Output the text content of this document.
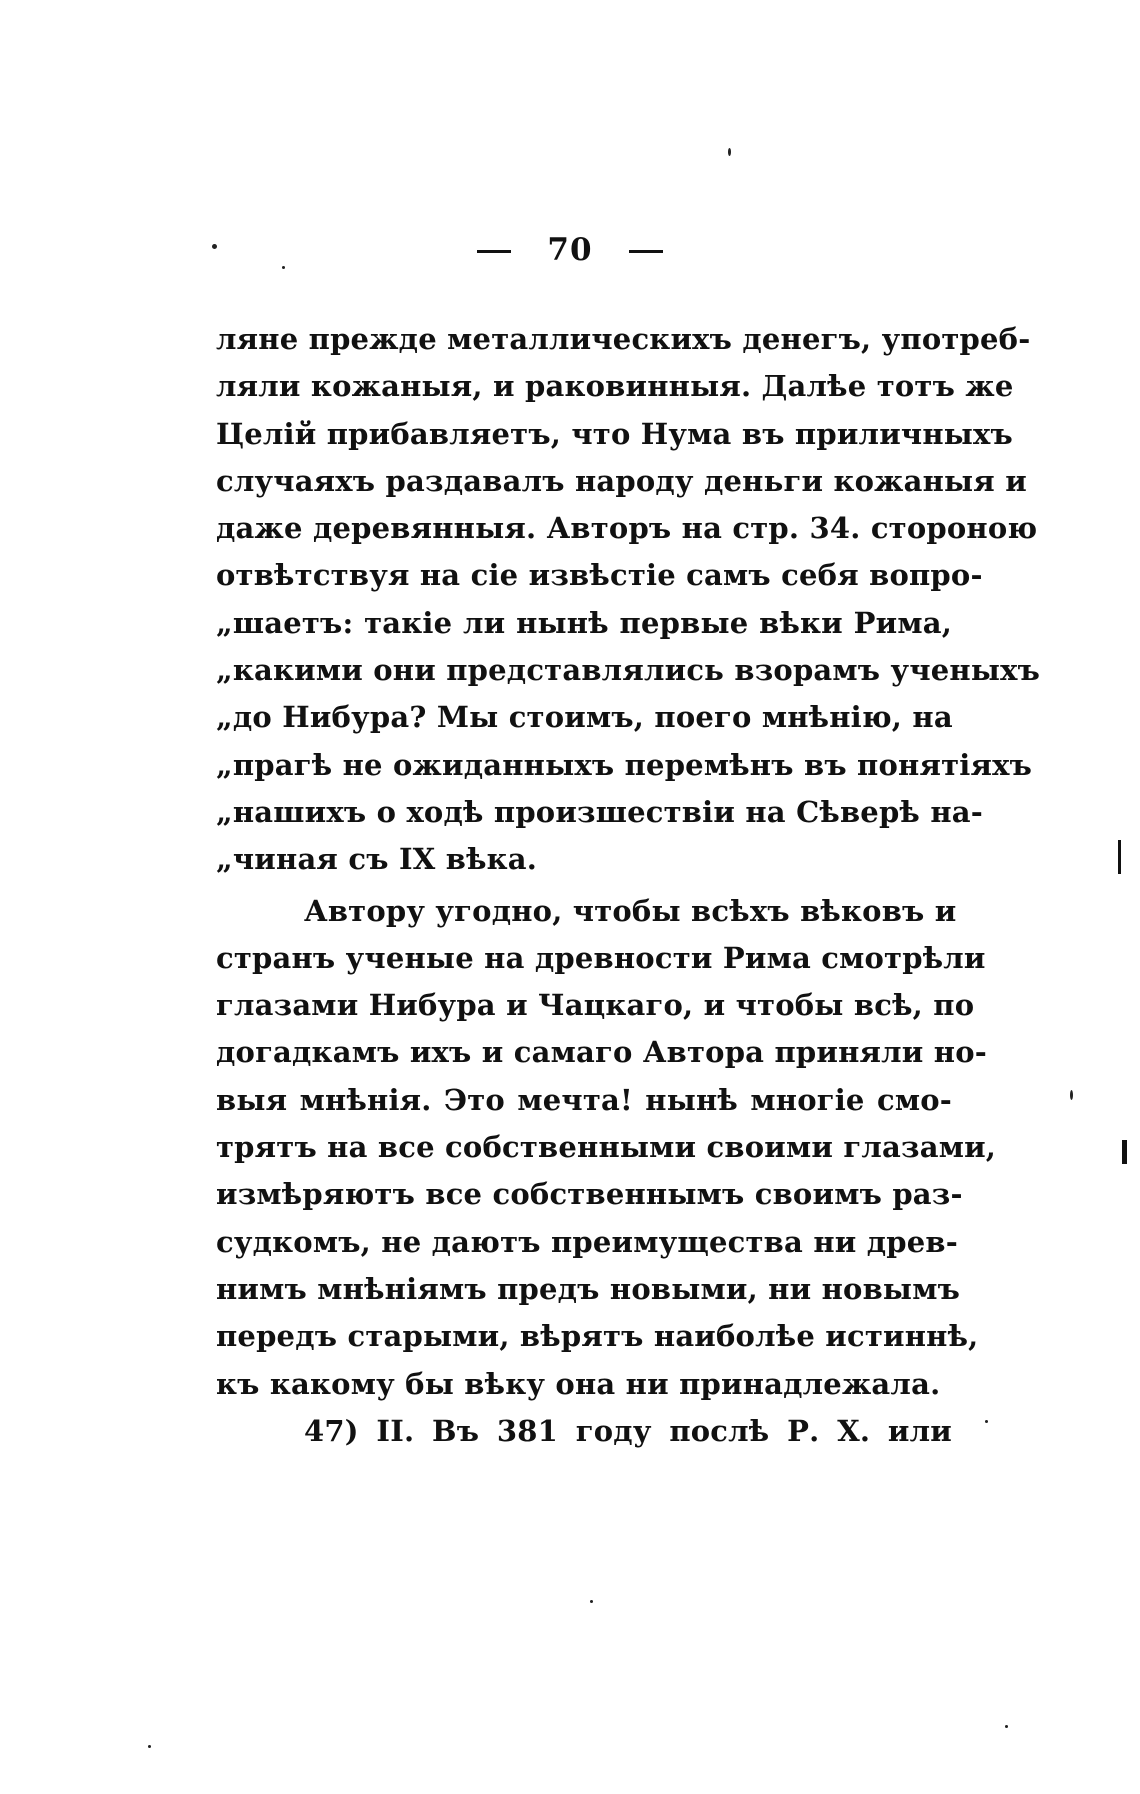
70
ляне прежде металлическихъ денегъ, употреб-
ляли кожаныя, и раковинныя. Далѣе тотъ же
Целій прибавляетъ, что Нума въ приличныхъ
случаяхъ раздавалъ народу деньги кожаныя и
даже деревянныя. Авторъ на стр. 34. стороною
отвѣтствуя на сіе извѣстіе самъ себя вопро-
„шаетъ: такіе ли нынѣ первые вѣки Рима,
„какими они представлялись взорамъ ученыхъ
„до Нибура? Мы стоимъ, поего мнѣнію, на
„прагѣ не ожиданныхъ перемѣнъ въ понятіяхъ
„нашихъ о ходѣ произшествіи на Сѣверѣ на-
„чиная съ IX вѣка.
Автору угодно, чтобы всѣхъ вѣковъ и
странъ ученые на древности Рима смотрѣли
глазами Нибура и Чацкаго, и чтобы всѣ, по
догадкамъ ихъ и самаго Автора приняли но-
выя мнѣнія. Это мечта! нынѣ многіе смо-
трятъ на все собственными своими глазами,
измѣряютъ все собственнымъ своимъ раз-
судкомъ, не даютъ преимущества ни древ-
нимъ мнѣніямъ предъ новыми, ни новымъ
передъ старыми, вѣрятъ наиболѣе истиннѣ,
къ какому бы вѣку она ни принадлежала.
47) II. Въ 381 году послѣ Р. Х. или
